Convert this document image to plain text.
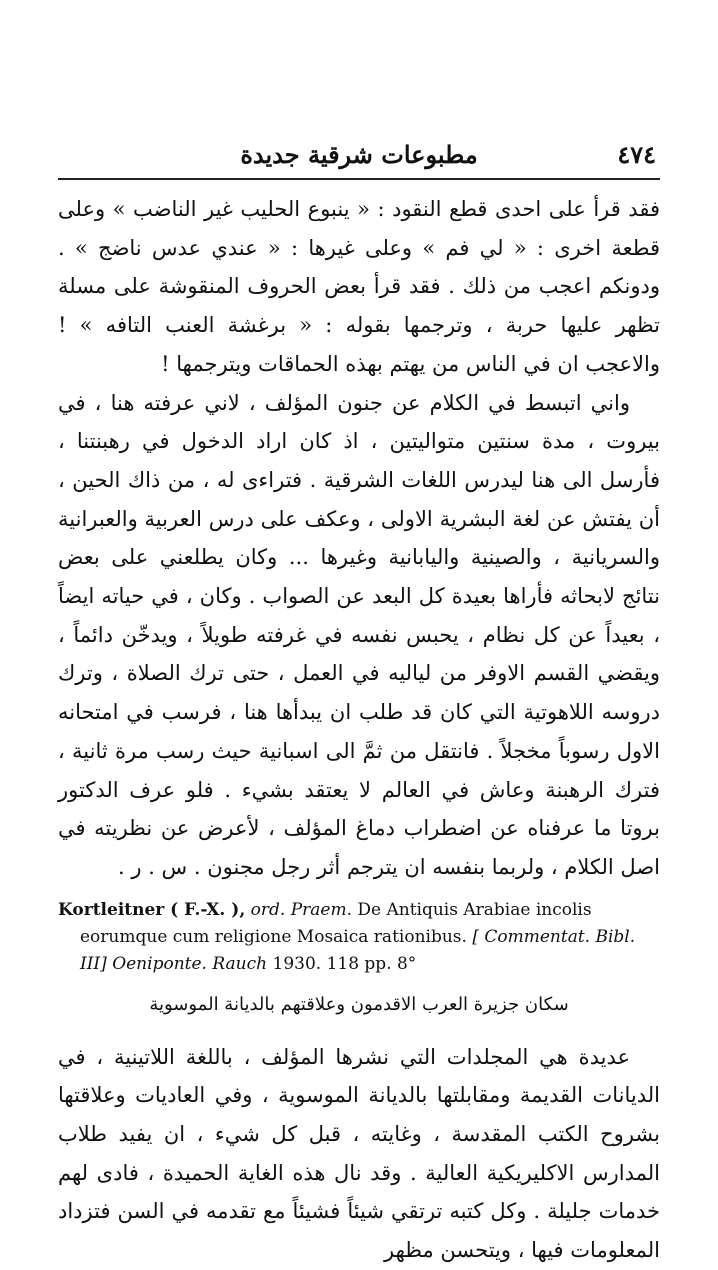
٤٧٤
مطبوعات شرقية جديدة

فقد قرأ على احدى قطع النقود : « ينبوع الحليب غير الناضب » وعلى قطعة اخرى : « لي فم » وعلى غيرها : « عندي عدس ناضج » . ودونكم اعجب من ذلك . فقد قرأ بعض الحروف المنقوشة على مسلة تظهر عليها حربة ، وترجمها بقوله : « برغشة العنب التافه » ! والاعجب ان في الناس من يهتم بهذه الحماقات ويترجمها !

واني اتبسط في الكلام عن جنون المؤلف ، لاني عرفته هنا ، في بيروت ، مدة سنتين متواليتين ، اذ كان اراد الدخول في رهبنتنا ، فأرسل الى هنا ليدرس اللغات الشرقية . فتراءى له ، من ذاك الحين ، أن يفتش عن لغة البشرية الاولى ، وعكف على درس العربية والعبرانية والسريانية ، والصينية واليابانية وغيرها ... وكان يطلعني على بعض نتائج لابحاثه فأراها بعيدة كل البعد عن الصواب . وكان ، في حياته ايضاً ، بعيداً عن كل نظام ، يحبس نفسه في غرفته طويلاً ، ويدخّن دائماً ، ويقضي القسم الاوفر من لياليه في العمل ، حتى ترك الصلاة ، وترك دروسه اللاهوتية التي كان قد طلب ان يبدأها هنا ، فرسب في امتحانه الاول رسوباً مخجلاً . فانتقل من ثمَّ الى اسبانية حيث رسب مرة ثانية ، فترك الرهبنة وعاش في العالم لا يعتقد بشيء . فلو عرف الدكتور بروتا ما عرفناه عن اضطراب دماغ المؤلف ، لأعرض عن نظريته في اصل الكلام ، ولربما بنفسه ان يترجم أثر رجل مجنون . س . ر .

Kortleitner ( F.-X. ), ord. Praem. De Antiquis Arabiae incolis eorumque cum religione Mosaica rationibus. [ Commentat. Bibl. III] Oeniponte. Rauch 1930. 118 pp. 8°
سكان جزيرة العرب الاقدمون وعلاقتهم بالديانة الموسوية

عديدة هي المجلدات التي نشرها المؤلف ، باللغة اللاتينية ، في الديانات القديمة ومقابلتها بالديانة الموسوية ، وفي العاديات وعلاقتها بشروح الكتب المقدسة ، وغايته ، قبل كل شيء ، ان يفيد طلاب المدارس الاكليريكية العالية . وقد نال هذه الغاية الحميدة ، فادى لهم خدمات جليلة . وكل كتبه ترتقي شيئاً فشيئاً مع تقدمه في السن فتزداد المعلومات فيها ، ويتحسن مظهر
